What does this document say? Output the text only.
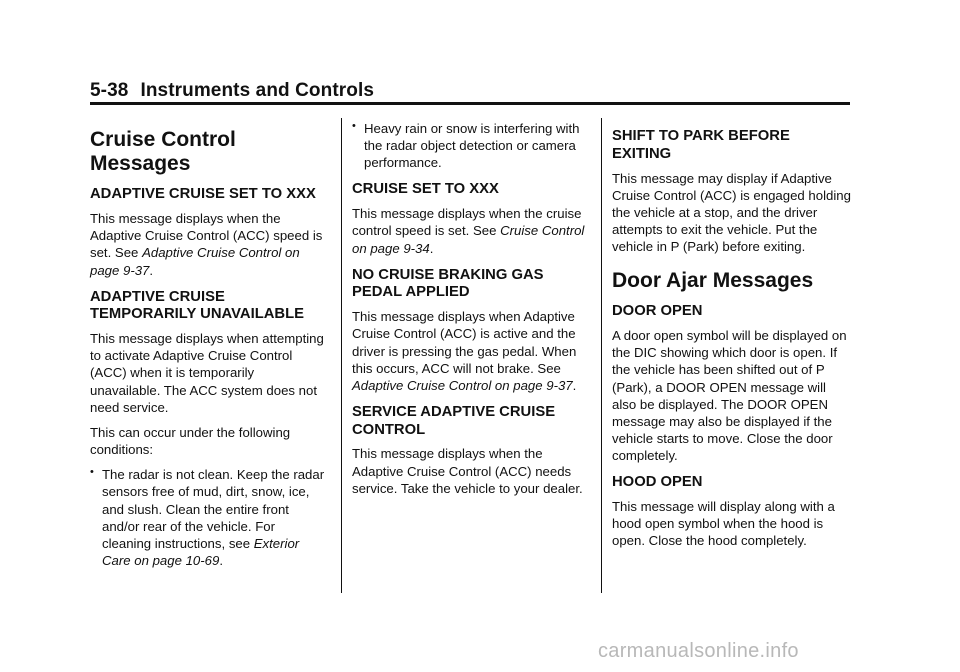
5-38 Instruments and Controls
Cruise Control Messages
ADAPTIVE CRUISE SET TO XXX

This message displays when the Adaptive Cruise Control (ACC) speed is set. See Adaptive Cruise Control on page 9-37.

ADAPTIVE CRUISE TEMPORARILY UNAVAILABLE

This message displays when attempting to activate Adaptive Cruise Control (ACC) when it is temporarily unavailable. The ACC system does not need service.

This can occur under the following conditions:

• The radar is not clean. Keep the radar sensors free of mud, dirt, snow, ice, and slush. Clean the entire front and/or rear of the vehicle. For cleaning instructions, see Exterior Care on page 10-69.
• Heavy rain or snow is interfering with the radar object detection or camera performance.
CRUISE SET TO XXX

This message displays when the cruise control speed is set. See Cruise Control on page 9-34.

NO CRUISE BRAKING GAS PEDAL APPLIED

This message displays when Adaptive Cruise Control (ACC) is active and the driver is pressing the gas pedal. When this occurs, ACC will not brake. See Adaptive Cruise Control on page 9-37.

SERVICE ADAPTIVE CRUISE CONTROL

This message displays when the Adaptive Cruise Control (ACC) needs service. Take the vehicle to your dealer.

SHIFT TO PARK BEFORE EXITING

This message may display if Adaptive Cruise Control (ACC) is engaged holding the vehicle at a stop, and the driver attempts to exit the vehicle. Put the vehicle in P (Park) before exiting.

Door Ajar Messages
DOOR OPEN

A door open symbol will be displayed on the DIC showing which door is open. If the vehicle has been shifted out of P (Park), a DOOR OPEN message will also be displayed. The DOOR OPEN message may also be displayed if the vehicle starts to move. Close the door completely.

HOOD OPEN

This message will display along with a hood open symbol when the hood is open. Close the hood completely.

carmanualsonline.info
